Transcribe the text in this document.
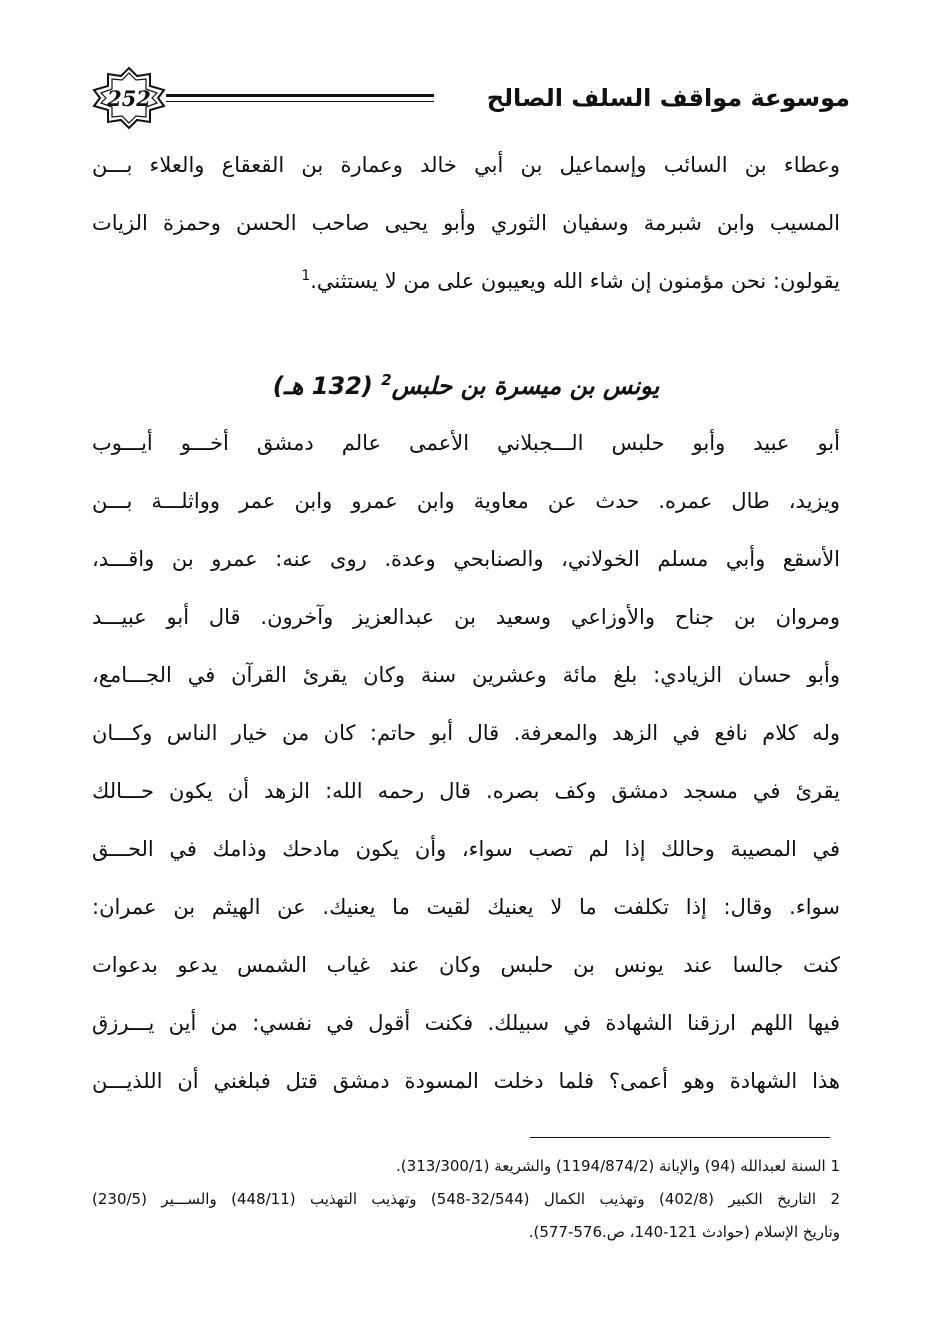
252	موسوعة مواقف السلف الصالح
وعطاء بن السائب وإسماعيل بن أبي خالد وعمارة بن القعقاع والعلاء بـــن
المسيب وابن شبرمة وسفيان الثوري وأبو يحيى صاحب الحسن وحمزة الزيات
يقولون: نحن مؤمنون إن شاء الله ويعيبون على من لا يستثني.$^1$
يونس بن ميسرة بن حلبس$^2$ (132 هـ)
أبو عبيد وأبو حلبس الـــجبلاني الأعمى عالم دمشق أخـــو أيـــوب
ويزيد، طال عمره. حدث عن معاوية وابن عمرو وابن عمر وواثلـــة بـــن
الأسقع وأبي مسلم الخولاني، والصنابحي وعدة. روى عنه: عمرو بن واقـــد،
ومروان بن جناح والأوزاعي وسعيد بن عبدالعزيز وآخرون. قال أبو عبيـــد
وأبو حسان الزيادي: بلغ مائة وعشرين سنة وكان يقرئ القرآن في الجـــامع،
وله كلام نافع في الزهد والمعرفة. قال أبو حاتم: كان من خيار الناس وكـــان
يقرئ في مسجد دمشق وكف بصره. قال رحمه الله: الزهد أن يكون حـــالك
في المصيبة وحالك إذا لم تصب سواء، وأن يكون مادحك وذامك في الحـــق
سواء. وقال: إذا تكلفت ما لا يعنيك لقيت ما يعنيك. عن الهيثم بن عمران:
كنت جالسا عند يونس بن حلبس وكان عند غياب الشمس يدعو بدعوات
فيها اللهم ارزقنا الشهادة في سبيلك. فكنت أقول في نفسي: من أين يـــرزق
هذا الشهادة وهو أعمى؟ فلما دخلت المسودة دمشق قتل فبلغني أن اللذيـــن
1 السنة لعبدالله (94) والإبانة (1194/874/2) والشريعة (313/300/1).
2 التاريخ الكبير (402/8) وتهذيب الكمال (32/544-548) وتهذيب التهذيب (448/11) والســـير (230/5)
وتاريخ الإسلام (حوادث 121-140، ص.576-577).
